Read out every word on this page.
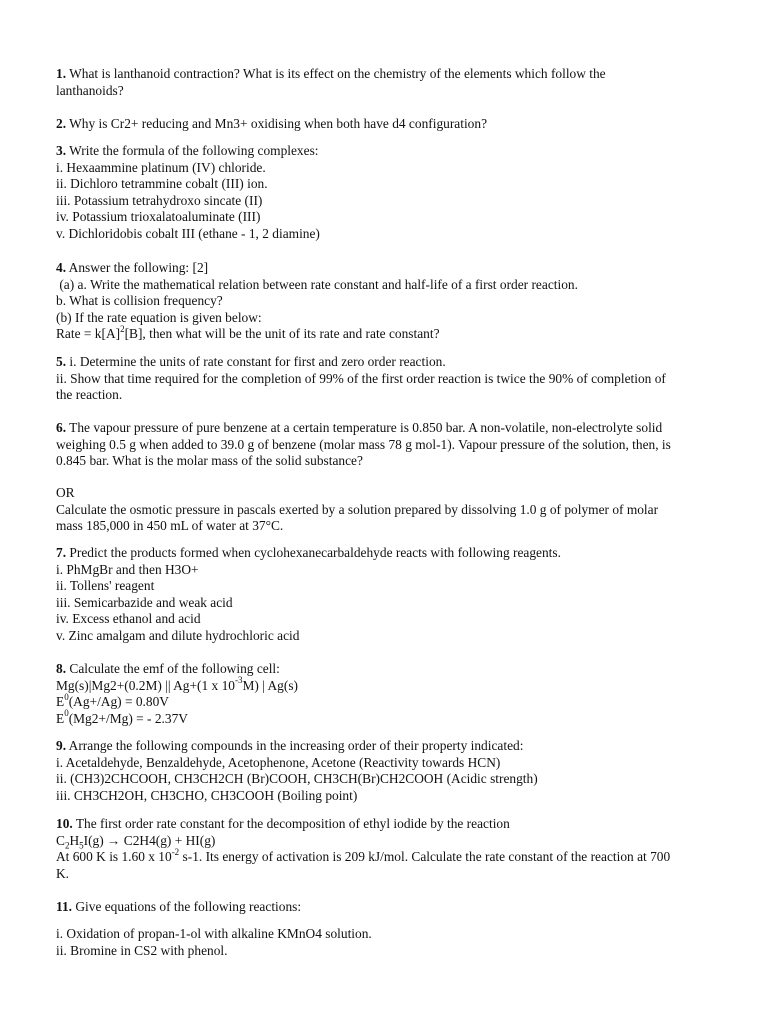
1. What is lanthanoid contraction? What is its effect on the chemistry of the elements which follow the

lanthanoids?

2. Why is Cr2+ reducing and Mn3+ oxidising when both have d4 configuration?

3. Write the formula of the following complexes:

i. Hexaammine platinum (IV) chloride.

ii. Dichloro tetrammine cobalt (III) ion.

iii. Potassium tetrahydroxo sincate (II)

iv. Potassium trioxalatoaluminate (III)

v. Dichloridobis cobalt III (ethane - 1, 2 diamine)

4. Answer the following: [2]

(a) a. Write the mathematical relation between rate constant and half-life of a first order reaction.

b. What is collision frequency?

(b) If the rate equation is given below:

Rate = $k[A]^2[B]$, then what will be the unit of its rate and rate constant?

5. i. Determine the units of rate constant for first and zero order reaction.

ii. Show that time required for the completion of 99% of the first order reaction is twice the 90% of completion of

the reaction.

6. The vapour pressure of pure benzene at a certain temperature is 0.850 bar. A non-volatile, non-electrolyte solid

weighing 0.5 g when added to 39.0 g of benzene (molar mass 78 g mol-1). Vapour pressure of the solution, then, is

0.845 bar. What is the molar mass of the solid substance?

OR

Calculate the osmotic pressure in pascals exerted by a solution prepared by dissolving 1.0 g of polymer of molar

mass 185,000 in 450 mL of water at 37°C.

7. Predict the products formed when cyclohexanecarbaldehyde reacts with following reagents.

i. PhMgBr and then H3O+

ii. Tollens' reagent

iii. Semicarbazide and weak acid

iv. Excess ethanol and acid

v. Zinc amalgam and dilute hydrochloric acid

8. Calculate the emf of the following cell:

Mg(s)|Mg2+(0.2M) || Ag+(1 x $10^{-3}M$) | Ag(s)

$E^0(Ag+/Ag) = 0.80V$

$E^0(Mg2+/Mg)$ = - 2.37V

9. Arrange the following compounds in the increasing order of their property indicated:

i. Acetaldehyde, Benzaldehyde, Acetophenone, Acetone (Reactivity towards HCN)

ii. (CH3)2CHCOOH, CH3CH2CH (Br)COOH, CH3CH(Br)CH2COOH (Acidic strength)

iii. CH3CH2OH, CH3CHO, CH3COOH (Boiling point)

10. The first order rate constant for the decomposition of ethyl iodide by the reaction

$C_2H_5I(g) \to C2H4(g) + HI(g)$

At 600 K is 1.60 x $10^{-2}$ s-1. Its energy of activation is 209 kJ/mol. Calculate the rate constant of the reaction at 700

K.

11. Give equations of the following reactions:

i. Oxidation of propan-1-ol with alkaline KMnO4 solution.

ii. Bromine in CS2 with phenol.
